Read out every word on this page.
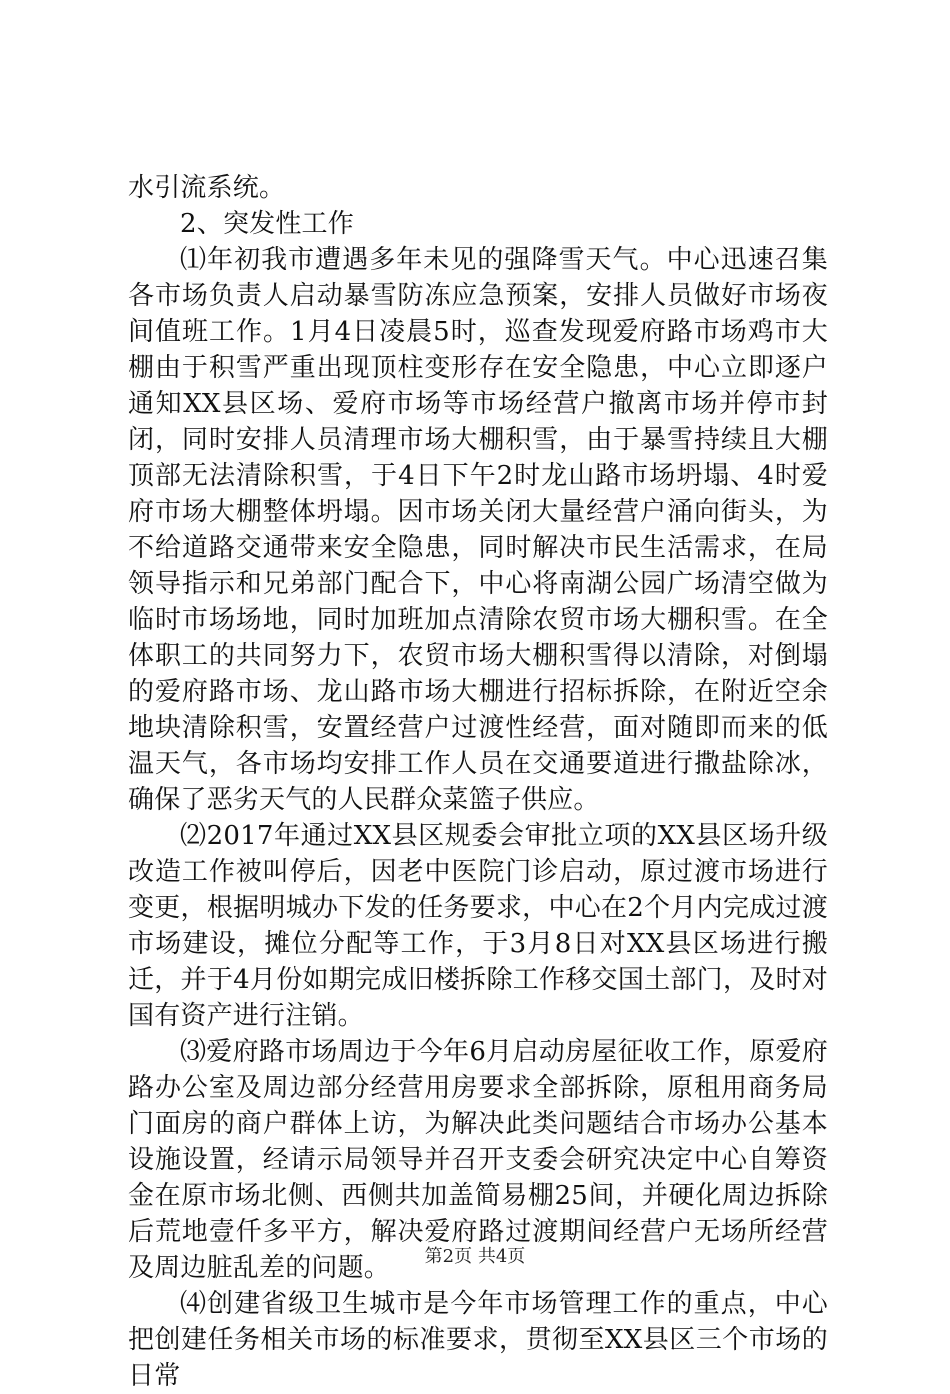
水引流系统。

2、突发性工作

⑴年初我市遭遇多年未见的强降雪天气。中心迅速召集各市场负责人启动暴雪防冻应急预案，安排人员做好市场夜间值班工作。1月4日凌晨5时，巡查发现爱府路市场鸡市大棚由于积雪严重出现顶柱变形存在安全隐患，中心立即逐户通知XX县区场、爱府市场等市场经营户撤离市场并停市封闭，同时安排人员清理市场大棚积雪，由于暴雪持续且大棚顶部无法清除积雪，于4日下午2时龙山路市场坍塌、4时爱府市场大棚整体坍塌。因市场关闭大量经营户涌向街头，为不给道路交通带来安全隐患，同时解决市民生活需求，在局领导指示和兄弟部门配合下，中心将南湖公园广场清空做为临时市场场地，同时加班加点清除农贸市场大棚积雪。在全体职工的共同努力下，农贸市场大棚积雪得以清除，对倒塌的爱府路市场、龙山路市场大棚进行招标拆除，在附近空余地块清除积雪，安置经营户过渡性经营，面对随即而来的低温天气，各市场均安排工作人员在交通要道进行撒盐除冰，确保了恶劣天气的人民群众菜篮子供应。

⑵2017年通过XX县区规委会审批立项的XX县区场升级改造工作被叫停后，因老中医院门诊启动，原过渡市场进行变更，根据明城办下发的任务要求，中心在2个月内完成过渡市场建设，摊位分配等工作，于3月8日对XX县区场进行搬迁，并于4月份如期完成旧楼拆除工作移交国土部门，及时对国有资产进行注销。

⑶爱府路市场周边于今年6月启动房屋征收工作，原爱府路办公室及周边部分经营用房要求全部拆除，原租用商务局门面房的商户群体上访，为解决此类问题结合市场办公基本设施设置，经请示局领导并召开支委会研究决定中心自筹资金在原市场北侧、西侧共加盖简易棚25间，并硬化周边拆除后荒地壹仟多平方，解决爱府路过渡期间经营户无场所经营及周边脏乱差的问题。

⑷创建省级卫生城市是今年市场管理工作的重点，中心把创建任务相关市场的标准要求，贯彻至XX县区三个市场的日常

第2页 共4页
